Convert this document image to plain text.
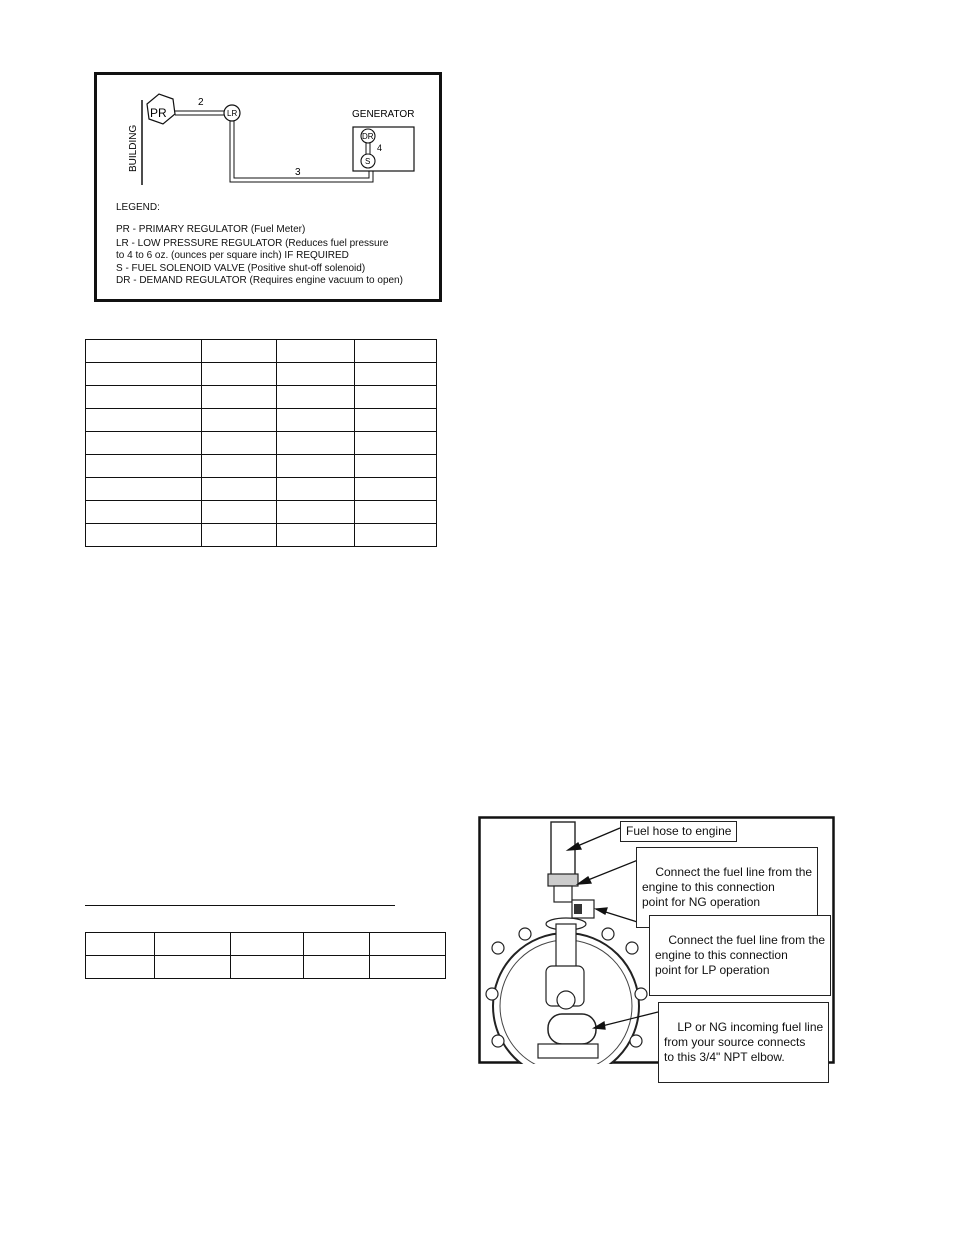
BUILDING
PR
2
LR
3
GENERATOR
DR
4
S
LEGEND:
PR - PRIMARY REGULATOR (Fuel Meter)
LR - LOW PRESSURE REGULATOR (Reduces fuel pressure
to 4 to 6 oz. (ounces per square inch) IF REQUIRED
S - FUEL SOLENOID VALVE (Positive shut-off solenoid)
DR - DEMAND REGULATOR (Requires engine vacuum to open)

Fuel hose to engine

Connect the fuel line from the
engine to this connection
point for NG operation

Connect the fuel line from the
engine to this connection
point for LP operation

LP or NG incoming fuel line
from your source connects
to this 3/4" NPT elbow.
